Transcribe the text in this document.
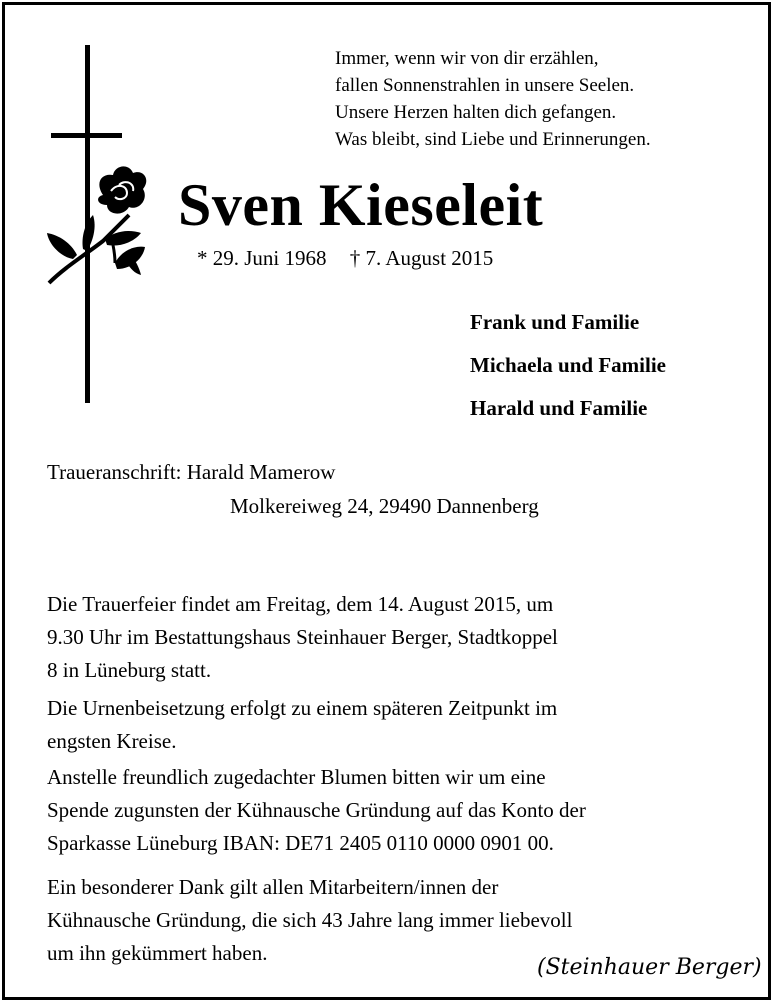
Immer, wenn wir von dir erzählen,
fallen Sonnenstrahlen in unsere Seelen.
Unsere Herzen halten dich gefangen.
Was bleibt, sind Liebe und Erinnerungen.
Sven Kieseleit
* 29. Juni 1968 † 7. August 2015
Frank und Familie
Michaela und Familie
Harald und Familie
Traueranschrift: Harald Mamerow
Molkereiweg 24, 29490 Dannenberg
Die Trauerfeier findet am Freitag, dem 14. August 2015, um
9.30 Uhr im Bestattungshaus Steinhauer Berger, Stadtkoppel
8 in Lüneburg statt.
Die Urnenbeisetzung erfolgt zu einem späteren Zeitpunkt im
engsten Kreise.
Anstelle freundlich zugedachter Blumen bitten wir um eine
Spende zugunsten der Kühnausche Gründung auf das Konto der
Sparkasse Lüneburg IBAN: DE71 2405 0110 0000 0901 00.
Ein besonderer Dank gilt allen Mitarbeitern/innen der
Kühnausche Gründung, die sich 43 Jahre lang immer liebevoll
um ihn gekümmert haben.
(Steinhauer Berger)
